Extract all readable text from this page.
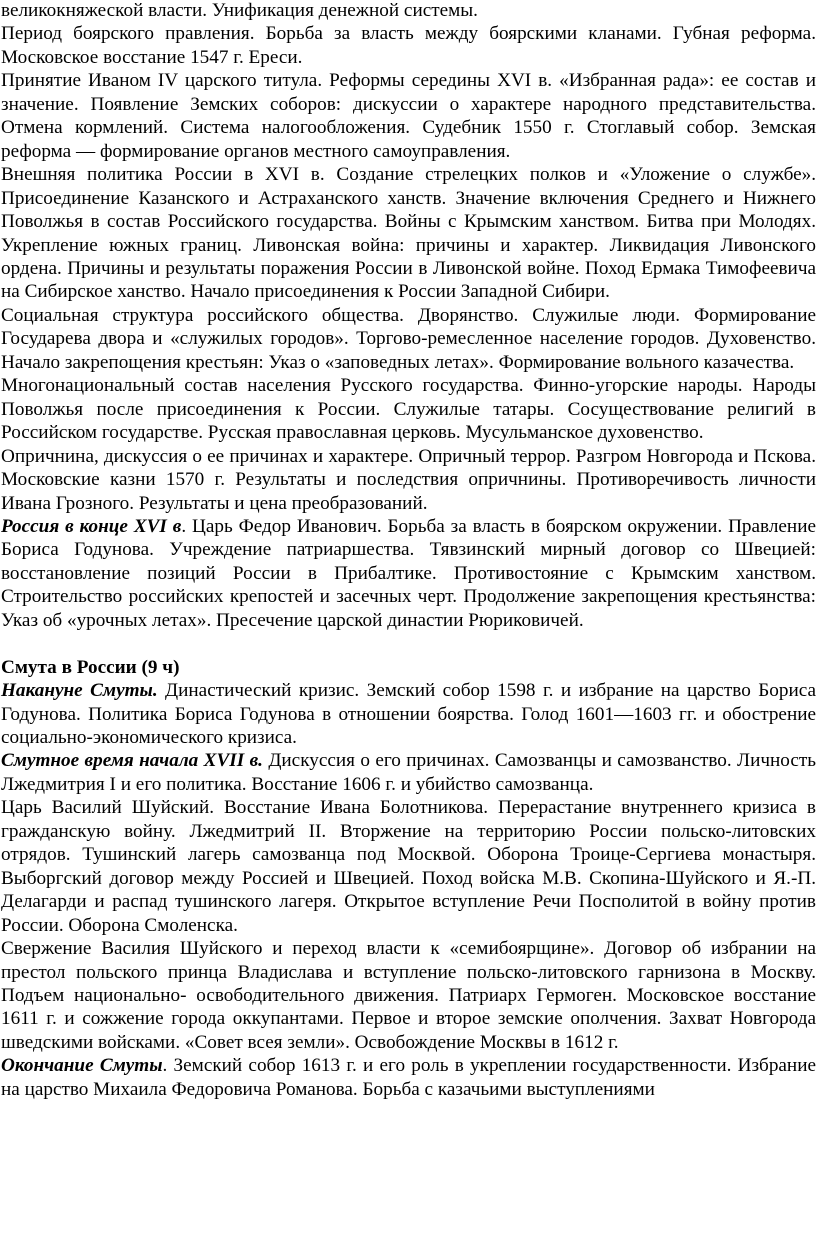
великокняжеской власти. Унификация денежной системы.

Период боярского правления. Борьба за власть между боярскими кланами. Губная реформа. Московское восстание 1547 г. Ереси.

Принятие Иваном IV царского титула. Реформы середины XVI в. «Избранная рада»: ее состав и значение. Появление Земских соборов: дискуссии о характере народного представительства. Отмена кормлений. Система налогообложения. Судебник 1550 г. Стоглавый собор. Земская реформа — формирование органов местного самоуправления.

Внешняя политика России в XVI в. Создание стрелецких полков и «Уложение о службе». Присоединение Казанского и Астраханского ханств. Значение включения Среднего и Нижнего Поволжья в состав Российского государства. Войны с Крымским ханством. Битва при Молодях. Укрепление южных границ. Ливонская война: причины и характер. Ликвидация Ливонского ордена. Причины и результаты поражения России в Ливонской войне. Поход Ермака Тимофеевича на Сибирское ханство. Начало присоединения к России Западной Сибири.

Социальная структура российского общества. Дворянство. Служилые люди. Формирование Государева двора и «служилых городов». Торгово-ремесленное население городов. Духовенство. Начало закрепощения крестьян: Указ о «заповедных летах». Формирование вольного казачества.

Многонациональный состав населения Русского государства. Финно-угорские народы. Народы Поволжья после присоединения к России. Служилые татары. Сосуществование религий в Российском государстве. Русская православная церковь. Мусульманское духовенство.

Опричнина, дискуссия о ее причинах и характере. Опричный террор. Разгром Новгорода и Пскова. Московские казни 1570 г. Результаты и последствия опричнины. Противоречивость личности Ивана Грозного. Результаты и цена преобразований.

Россия в конце XVI в. Царь Федор Иванович. Борьба за власть в боярском окружении. Правление Бориса Годунова. Учреждение патриаршества. Тявзинский мирный договор со Швецией: восстановление позиций России в Прибалтике. Противостояние с Крымским ханством. Строительство российских крепостей и засечных черт. Продолжение закрепощения крестьянства: Указ об «урочных летах». Пресечение царской династии Рюриковичей.

Смута в России (9 ч)

Накануне Смуты. Династический кризис. Земский собор 1598 г. и избрание на царство Бориса Годунова. Политика Бориса Годунова в отношении боярства. Голод 1601—1603 гг. и обострение социально-экономического кризиса.

Смутное время начала XVII в. Дискуссия о его причинах. Самозванцы и самозванство. Личность Лжедмитрия I и его политика. Восстание 1606 г. и убийство самозванца.

Царь Василий Шуйский. Восстание Ивана Болотникова. Перерастание внутреннего кризиса в гражданскую войну. Лжедмитрий II. Вторжение на территорию России польско-литовских отрядов. Тушинский лагерь самозванца под Москвой. Оборона Троице-Сергиева монастыря. Выборгский договор между Россией и Швецией. Поход войска М.В. Скопина-Шуйского и Я.-П. Делагарди и распад тушинского лагеря. Открытое вступление Речи Посполитой в войну против России. Оборона Смоленска.

Свержение Василия Шуйского и переход власти к «семибоярщине». Договор об избрании на престол польского принца Владислава и вступление польско-литовского гарнизона в Москву. Подъем национально- освободительного движения. Патриарх Гермоген. Московское восстание 1611 г. и сожжение города оккупантами. Первое и второе земские ополчения. Захват Новгорода шведскими войсками. «Совет всея земли». Освобождение Москвы в 1612 г.

Окончание Смуты. Земский собор 1613 г. и его роль в укреплении государственности. Избрание на царство Михаила Федоровича Романова. Борьба с казачьими выступлениями
